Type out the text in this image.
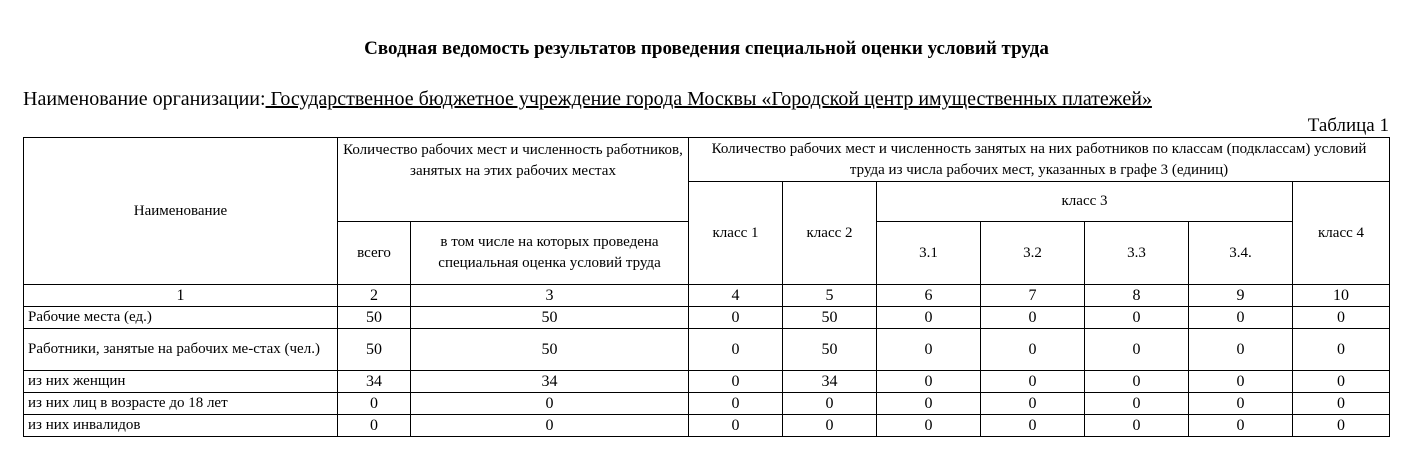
Сводная ведомость результатов проведения специальной оценки условий труда
Наименование организации: Государственное бюджетное учреждение города Москвы «Городской центр имущественных платежей»
Таблица 1
Наименование	Количество рабочих мест и численность работников, занятых на этих рабочих местах		Количество рабочих мест и численность занятых на них работников по классам (подклассам) условий труда из числа рабочих мест, указанных в графе 3 (единиц)						
			класс 1	класс 2	класс 3				класс 4
	всего	в том числе на которых проведена специальная оценка условий труда			3.1	3.2	3.3	3.4.	
1	2	3	4	5	6	7	8	9	10
Рабочие места (ед.)	50	50	0	50	0	0	0	0	0
Работники, занятые на рабочих ме-стах (чел.)	50	50	0	50	0	0	0	0	0
из них женщин	34	34	0	34	0	0	0	0	0
из них лиц в возрасте до 18 лет	0	0	0	0	0	0	0	0	0
из них инвалидов	0	0	0	0	0	0	0	0	0
